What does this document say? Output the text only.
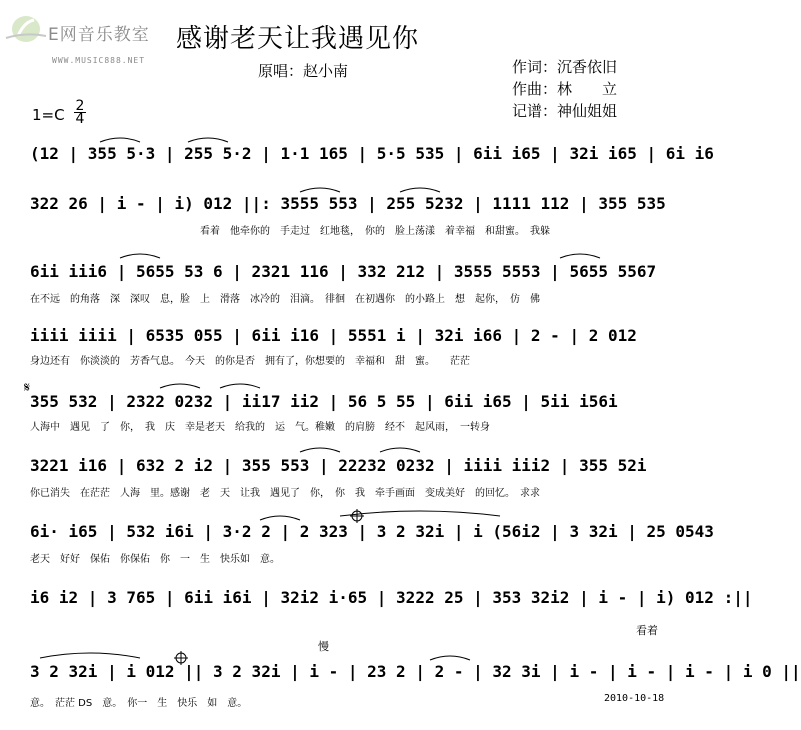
E网音乐教室
WWW.MUSIC888.NET
感谢老天让我遇见你
原唱：赵小南	作词：沉香依旧
作曲：林　　立
记谱：神仙姐姐
1=C 2
4
(12 | 355 5·3 | 255 5·2 | 1·1 165 | 5·5 535 | 6ii i65 | 32i i65 | 6i i6
322 26 | i - | i) 012 ||: 3555 553 | 255 5232 | 1111 112 | 355 535
看着　他牵你的　手走过　红地毯，　你的　脸上荡漾　着幸福　和甜蜜。　我躲
6ii iii6 | 5655 53 6 | 2321 116 | 332 212 | 3555 5553 | 5655 5567
在不远　的角落　深　深叹　息，脸　上　滑落　冰冷的　泪滴。　徘徊　在初遇你　的小路上　想　起你，　仿　佛
iiii iiii | 6535 055 | 6ii i16 | 5551 i | 32i i66 | 2 - | 2 012
身边还有　你淡淡的　芳香气息。　今天　的你是否　拥有了，你想要的　幸福和　甜　蜜。　　茫茫
355 532 | 2322 0232 | ii17 ii2 | 56 5 55 | 6ii i65 | 5ii i56i
人海中　遇见　了　你，　我　庆　幸是老天　给我的　运　气。稚嫩　的肩膀　经不　起风雨，　一转身
3221 i16 | 632 2 i2 | 355 553 | 22232 0232 | iiii iii2 | 355 52i
你已消失　在茫茫　人海　里。感谢　老　天　让我　遇见了　你，　你　我　牵手画面　变成美好　的回忆。　求求
6i· i65 | 532 i6i | 3·2 2 | 2 323 | 3 2 32i | i (56i2 | 3 32i | 25 0543
老天　好好　保佑　你保佑　你　一　生　快乐如　意。
i6 i2 | 3 765 | 6ii i6i | 32i2 i·65 | 3222 25 | 353 32i2 | i - | i) 012 :||
看着
慢
3 2 32i | i 012 || 3 2 32i | i - | 23 2 | 2 - | 32 3i | i - | i - | i - | i 0 ||
意。　茫茫 DS　意。　你一　生　快乐　如　意。
𝄋
2010-10-18
